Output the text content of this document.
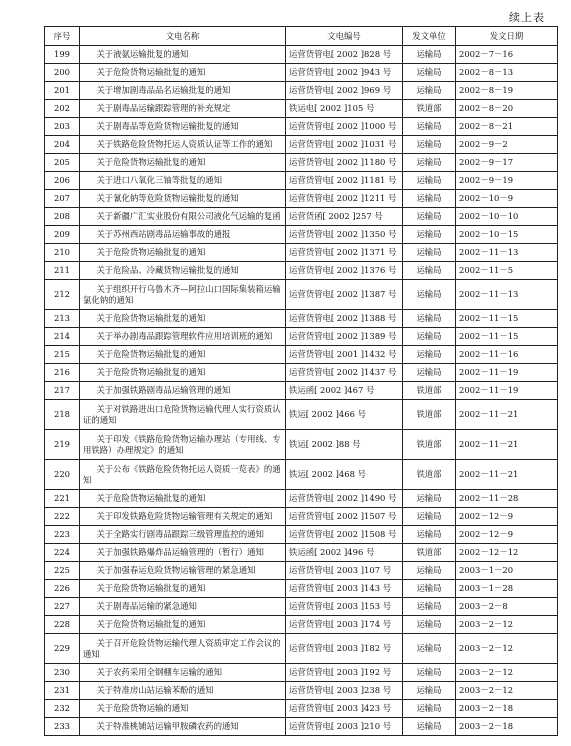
续上表
序号	文电名称	文电编号	发文单位	发文日期
199	关于液氨运输批复的通知	运营货管电[ 2002 ]828 号	运输局	2002－7－16
200	关于危险货物运输批复的通知	运营货管电[ 2002 ]943 号	运输局	2002－8－13
201	关于增加剧毒品品名运输批复的通知	运营货管电[ 2002 ]969 号	运输局	2002－8－19
202	关于剧毒品运输跟踪管理的补充规定	铁运电[ 2002 ]105 号	铁道部	2002－8－20
203	关于剧毒品等危险货物运输批复的通知	运营货管电[ 2002 ]1000 号	运输局	2002－8－21
204	关于铁路危险货物托运人资质认证等工作的通知	运营货管电[ 2002 ]1031 号	运输局	2002－9－2
205	关于危险货物运输批复的通知	运营货管电[ 2002 ]1180 号	运输局	2002－9－17
206	关于进口八氧化三铀等批复的通知	运营货管电[ 2002 ]1181 号	运输局	2002－9－19
207	关于氰化钠等危险货物运输批复的通知	运营货管电[ 2002 ]1211 号	运输局	2002－10－9
208	关于新疆广汇实业股份有限公司液化气运输的复函	运营货函[ 2002 ]257 号	运输局	2002－10－10
209	关于苏州西站剧毒品运输事故的通报	运营货管电[ 2002 ]1350 号	运输局	2002－10－15
210	关于危险货物运输批复的通知	运营货管电[ 2002 ]1371 号	运输局	2002－11－13
211	关于危险品、冷藏货物运输批复的通知	运营货管电[ 2002 ]1376 号	运输局	2002－11－5
212	关于组织开行乌鲁木齐—阿拉山口国际集装箱运输氯化钠的通知	运营货管电[ 2002 ]1387 号	运输局	2002－11－13
213	关于危险货物运输批复的通知	运营货管电[ 2002 ]1388 号	运输局	2002－11－15
214	关于举办剧毒品跟踪管理软件应用培训班的通知	运营货管电[ 2002 ]1389 号	运输局	2002－11－15
215	关于危险货物运输批复的通知	运营货管电[ 2001 ]1432 号	运输局	2002－11－16
216	关于危险货物运输批复的通知	运营货管电[ 2002 ]1437 号	运输局	2002－11－19
217	关于加强铁路剧毒品运输管理的通知	铁运函[ 2002 ]467 号	铁道部	2002－11－19
218	关于对铁路进出口危险货物运输代理人实行资质认证的通知	铁运[ 2002 ]466 号	铁道部	2002－11－21
219	关于印发《铁路危险货物运输办理站（专用线、专用铁路）办理规定》的通知	铁运[ 2002 ]88 号	铁道部	2002－11－21
220	关于公布《铁路危险货物托运人资质一览表》的通知	铁运[ 2002 ]468 号	铁道部	2002－11－21
221	关于危险货物运输批复的通知	运营货管电[ 2002 ]1490 号	运输局	2002－11－28
222	关于印发铁路危险货物运输管理有关规定的通知	运营货管电[ 2002 ]1507 号	运输局	2002－12－9
223	关于全路实行剧毒品跟踪三级管理监控的通知	运营货管电[ 2002 ]1508 号	运输局	2002－12－9
224	关于加强铁路爆炸品运输管理的（暂行）通知	铁运函[ 2002 ]496 号	铁道部	2002－12－12
225	关于加强春运危险货物运输管理的紧急通知	运营货管电[ 2003 ]107 号	运输局	2003－1－20
226	关于危险货物运输批复的通知	运营货管电[ 2003 ]143 号	运输局	2003－1－28
227	关于剧毒品运输的紧急通知	运营货管电[ 2003 ]153 号	运输局	2003－2－8
228	关于危险货物运输批复的通知	运营货管电[ 2003 ]174 号	运输局	2003－2－12
229	关于召开危险货物运输代理人资质审定工作会议的通知	运营货管电[ 2003 ]182 号	运输局	2003－2－12
230	关于农药采用全钢棚车运输的通知	运营货管电[ 2003 ]192 号	运输局	2003－2－12
231	关于特准房山站运输苯酚的通知	运营货管电[ 2003 ]238 号	运输局	2003－2－12
232	关于危险货物运输的通知	运营货管电[ 2003 ]423 号	运输局	2003－2－18
233	关于特准桃铺站运输甲胺磷农药的通知	运营货管电[ 2003 ]210 号	运输局	2003－2－18
